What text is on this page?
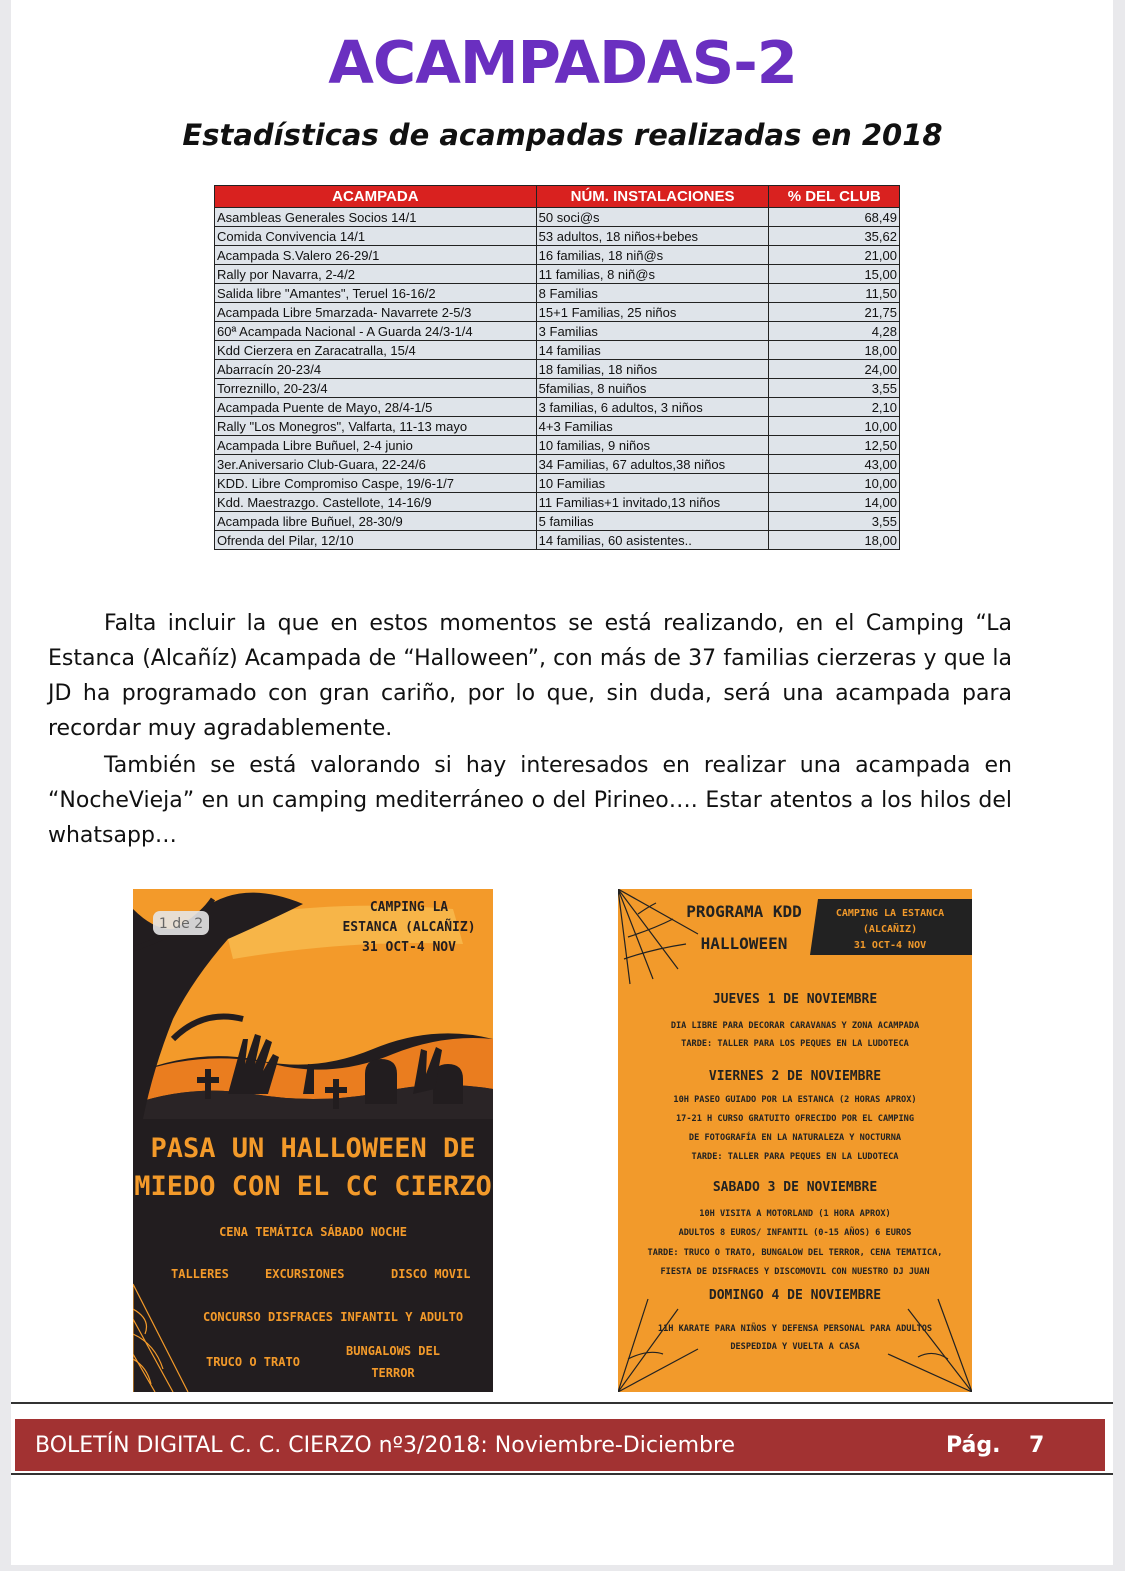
ACAMPADAS-2
Estadísticas de acampadas realizadas en 2018
ACAMPADA	NÚM. INSTALACIONES	% DEL CLUB
Asambleas Generales Socios 14/1	50 soci@s	68,49
Comida Convivencia 14/1	53 adultos, 18 niños+bebes	35,62
Acampada S.Valero 26-29/1	16 familias, 18 niñ@s	21,00
Rally por Navarra, 2-4/2	11 familias, 8 niñ@s	15,00
Salida libre "Amantes", Teruel 16-16/2	8 Familias	11,50
Acampada Libre 5marzada- Navarrete 2-5/3	15+1 Familias, 25 niños	21,75
60ª Acampada Nacional - A Guarda 24/3-1/4	3 Familias	4,28
Kdd Cierzera en Zaracatralla, 15/4	14 familias	18,00
Abarracín 20-23/4	18 familias, 18 niños	24,00
Torreznillo, 20-23/4	5familias, 8 nuiños	3,55
Acampada Puente de Mayo, 28/4-1/5	3 familias, 6 adultos, 3 niños	2,10
Rally "Los Monegros", Valfarta, 11-13 mayo	4+3 Familias	10,00
Acampada Libre Buñuel, 2-4 junio	10 familias, 9 niños	12,50
3er.Aniversario Club-Guara, 22-24/6	34 Familias, 67 adultos,38 niños	43,00
KDD. Libre Compromiso Caspe, 19/6-1/7	10 Familias	10,00
Kdd. Maestrazgo. Castellote, 14-16/9	11 Familias+1 invitado,13 niños	14,00
Acampada libre Buñuel, 28-30/9	5 familias	3,55
Ofrenda del Pilar, 12/10	14 familias, 60 asistentes..	18,00

Falta incluir la que en estos momentos se está realizando, en el Camping “La Estanca (Alcañíz) Acampada de “Halloween”, con más de 37 familias cierzeras y que la JD ha programado con gran cariño, por lo que, sin duda, será una acampada para recordar muy agradablemente.

También se está valorando si hay interesados en realizar una acampada en “NocheVieja” en un camping mediterráneo o del Pirineo…. Estar atentos a los hilos del whatsapp…

1 de 2
CAMPING LA
ESTANCA (ALCAÑIZ)
31 OCT-4 NOV
PASA UN HALLOWEEN DE
MIEDO CON EL CC CIERZO
CENA TEMÁTICA SÁBADO NOCHE
TALLERES	EXCURSIONES	DISCO MOVIL
CONCURSO DISFRACES INFANTIL Y ADULTO
TRUCO O TRATO
BUNGALOWS DEL
TERROR
PROGRAMA KDD
HALLOWEEN
CAMPING LA ESTANCA
(ALCAÑIZ)
31 OCT-4 NOV
JUEVES 1 DE NOVIEMBRE
DIA LIBRE PARA DECORAR CARAVANAS Y ZONA ACAMPADA
TARDE: TALLER PARA LOS PEQUES EN LA LUDOTECA
VIERNES 2 DE NOVIEMBRE
10H PASEO GUIADO POR LA ESTANCA (2 HORAS APROX)
17-21 H CURSO GRATUITO OFRECIDO POR EL CAMPING
DE FOTOGRAFÍA EN LA NATURALEZA Y NOCTURNA
TARDE: TALLER PARA PEQUES EN LA LUDOTECA
SABADO 3 DE NOVIEMBRE
10H VISITA A MOTORLAND (1 HORA APROX)
ADULTOS 8 EUROS/ INFANTIL (0-15 AÑOS) 6 EUROS
TARDE: TRUCO O TRATO, BUNGALOW DEL TERROR, CENA TEMATICA,
FIESTA DE DISFRACES Y DISCOMOVIL CON NUESTRO DJ JUAN
DOMINGO 4 DE NOVIEMBRE
11H KARATE PARA NIÑOS Y DEFENSA PERSONAL PARA ADULTOS
DESPEDIDA Y VUELTA A CASA
BOLETÍN DIGITAL C. C. CIERZO nº3/2018: Noviembre-Diciembre	Pág. 7
